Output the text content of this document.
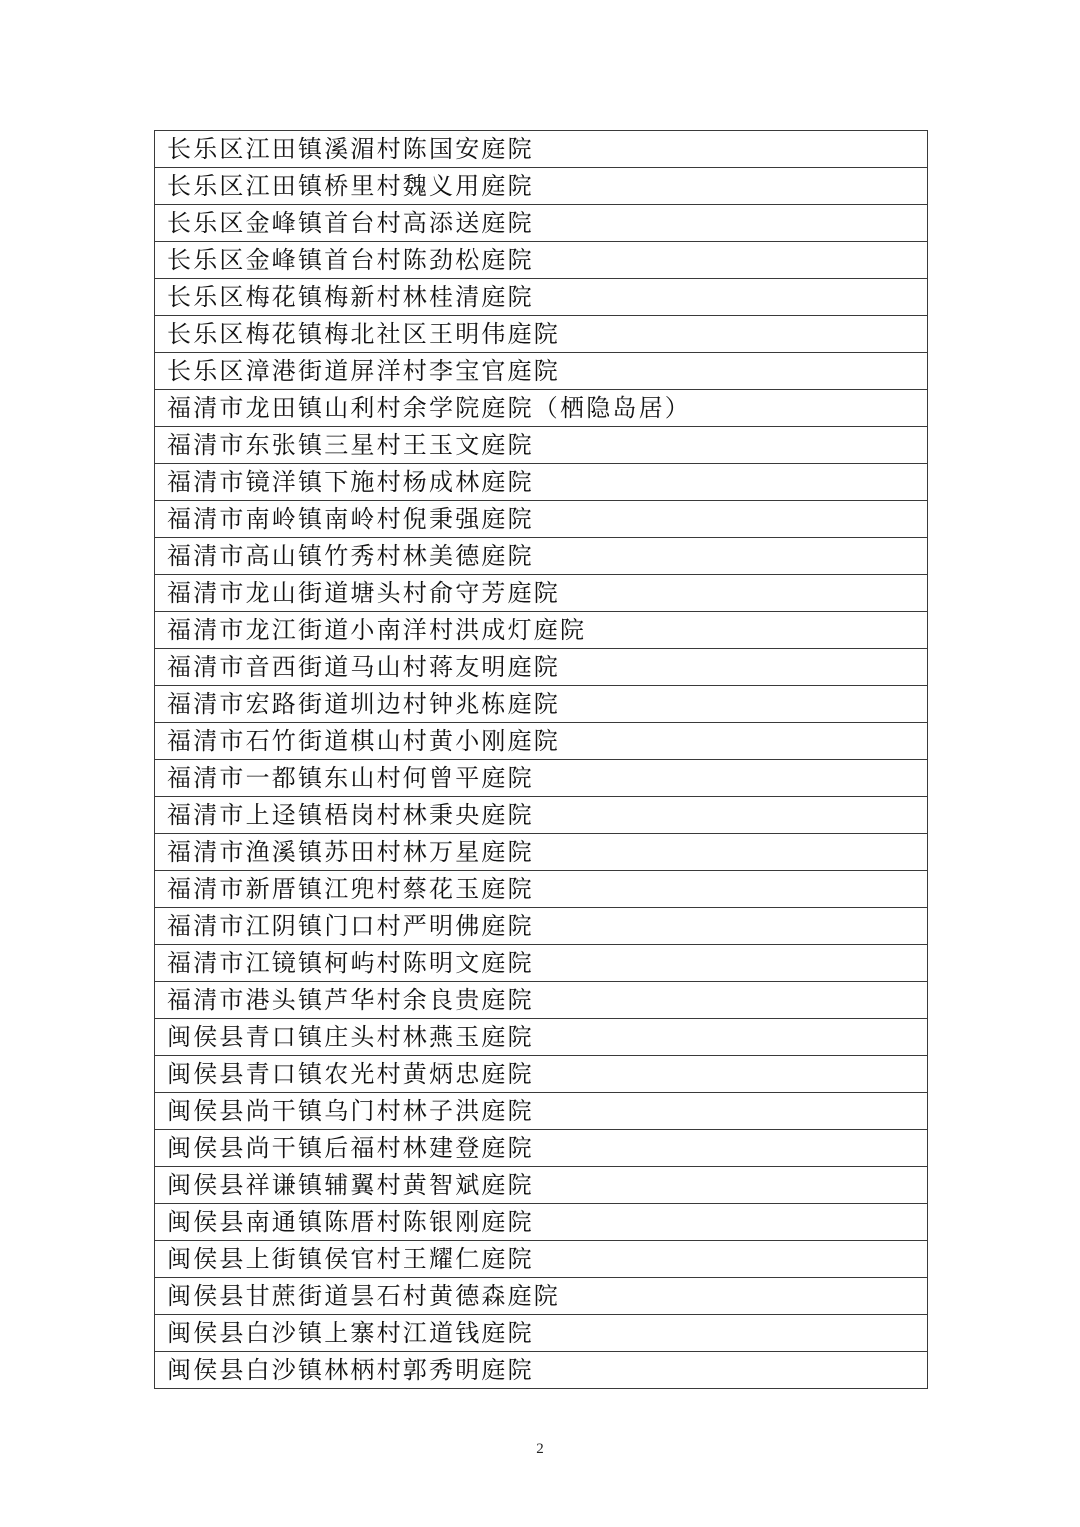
长乐区江田镇溪湄村陈国安庭院
长乐区江田镇桥里村魏义用庭院
长乐区金峰镇首台村高添送庭院
长乐区金峰镇首台村陈劲松庭院
长乐区梅花镇梅新村林桂清庭院
长乐区梅花镇梅北社区王明伟庭院
长乐区漳港街道屏洋村李宝官庭院
福清市龙田镇山利村余学院庭院（栖隐岛居）
福清市东张镇三星村王玉文庭院
福清市镜洋镇下施村杨成林庭院
福清市南岭镇南岭村倪秉强庭院
福清市高山镇竹秀村林美德庭院
福清市龙山街道塘头村俞守芳庭院
福清市龙江街道小南洋村洪成灯庭院
福清市音西街道马山村蒋友明庭院
福清市宏路街道圳边村钟兆栋庭院
福清市石竹街道棋山村黄小刚庭院
福清市一都镇东山村何曾平庭院
福清市上迳镇梧岗村林秉央庭院
福清市渔溪镇苏田村林万星庭院
福清市新厝镇江兜村蔡花玉庭院
福清市江阴镇门口村严明佛庭院
福清市江镜镇柯屿村陈明文庭院
福清市港头镇芦华村余良贵庭院
闽侯县青口镇庄头村林燕玉庭院
闽侯县青口镇农光村黄炳忠庭院
闽侯县尚干镇乌门村林子洪庭院
闽侯县尚干镇后福村林建登庭院
闽侯县祥谦镇辅翼村黄智斌庭院
闽侯县南通镇陈厝村陈银刚庭院
闽侯县上街镇侯官村王耀仁庭院
闽侯县甘蔗街道昙石村黄德森庭院
闽侯县白沙镇上寨村江道钱庭院
闽侯县白沙镇林柄村郭秀明庭院
2
